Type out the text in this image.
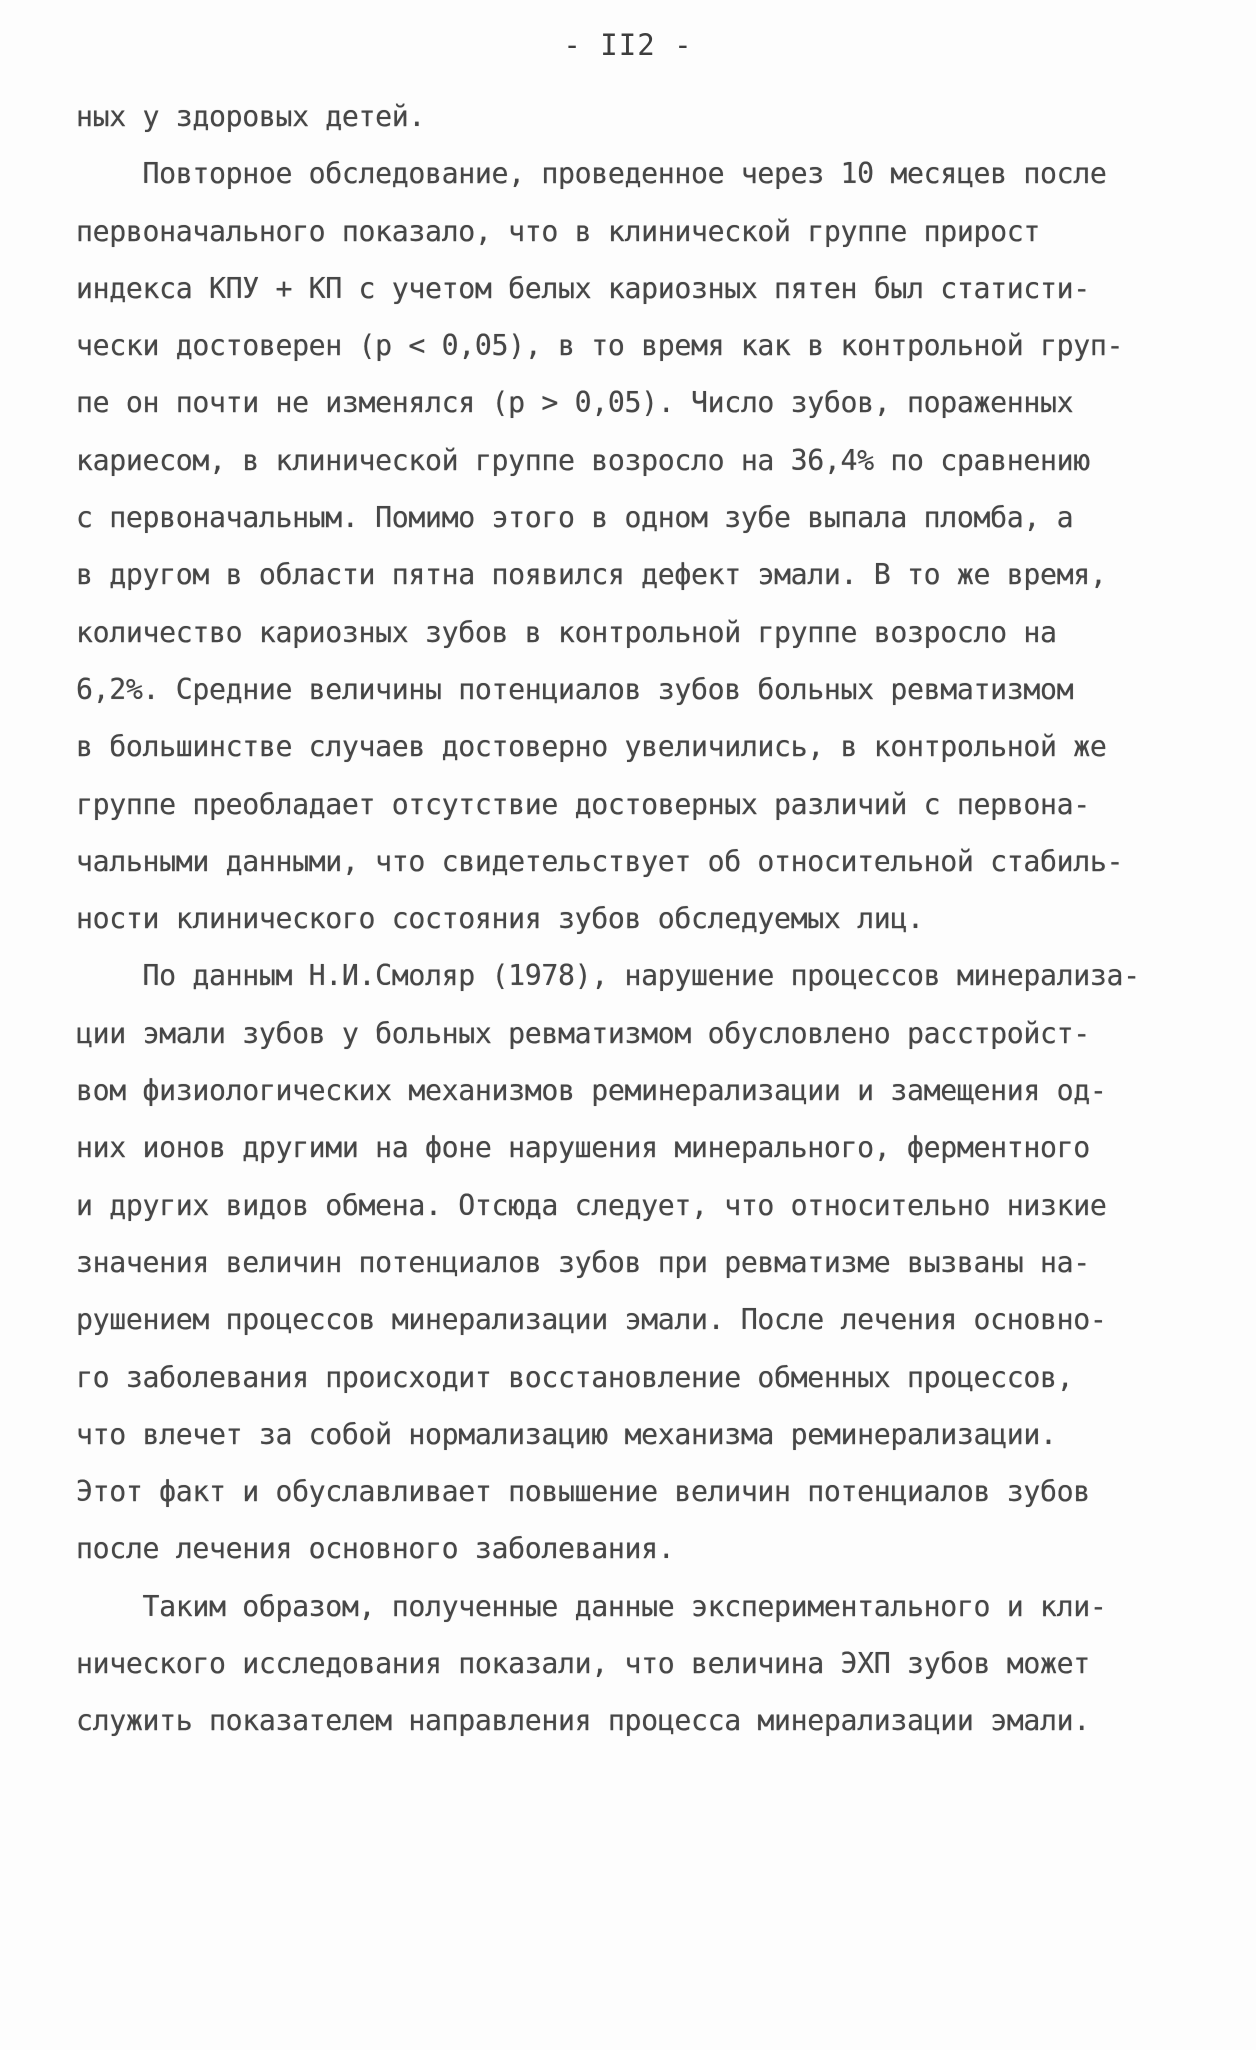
- II2 -
ных у здоровых детей.
Повторное обследование, проведенное через 10 месяцев после
первоначального показало, что в клинической группе прирост
индекса КПУ + КП с учетом белых кариозных пятен был статисти-
чески достоверен (р < 0,05), в то время как в контрольной груп-
пе он почти не изменялся (р > 0,05). Число зубов, пораженных
кариесом, в клинической группе возросло на 36,4% по сравнению
с первоначальным. Помимо этого в одном зубе выпала пломба, а
в другом в области пятна появился дефект эмали. В то же время,
количество кариозных зубов в контрольной группе возросло на
6,2%. Средние величины потенциалов зубов больных ревматизмом
в большинстве случаев достоверно увеличились, в контрольной же
группе преобладает отсутствие достоверных различий с первона-
чальными данными, что свидетельствует об относительной стабиль-
ности клинического состояния зубов обследуемых лиц.
По данным Н.И.Смоляр (1978), нарушение процессов минерализа-
ции эмали зубов у больных ревматизмом обусловлено расстройст-
вом физиологических механизмов реминерализации и замещения од-
них ионов другими на фоне нарушения минерального, ферментного
и других видов обмена. Отсюда следует, что относительно низкие
значения величин потенциалов зубов при ревматизме вызваны на-
рушением процессов минерализации эмали. После лечения основно-
го заболевания происходит восстановление обменных процессов,
что влечет за собой нормализацию механизма реминерализации.
Этот факт и обуславливает повышение величин потенциалов зубов
после лечения основного заболевания.
Таким образом, полученные данные экспериментального и кли-
нического исследования показали, что величина ЭХП зубов может
служить показателем направления процесса минерализации эмали.
